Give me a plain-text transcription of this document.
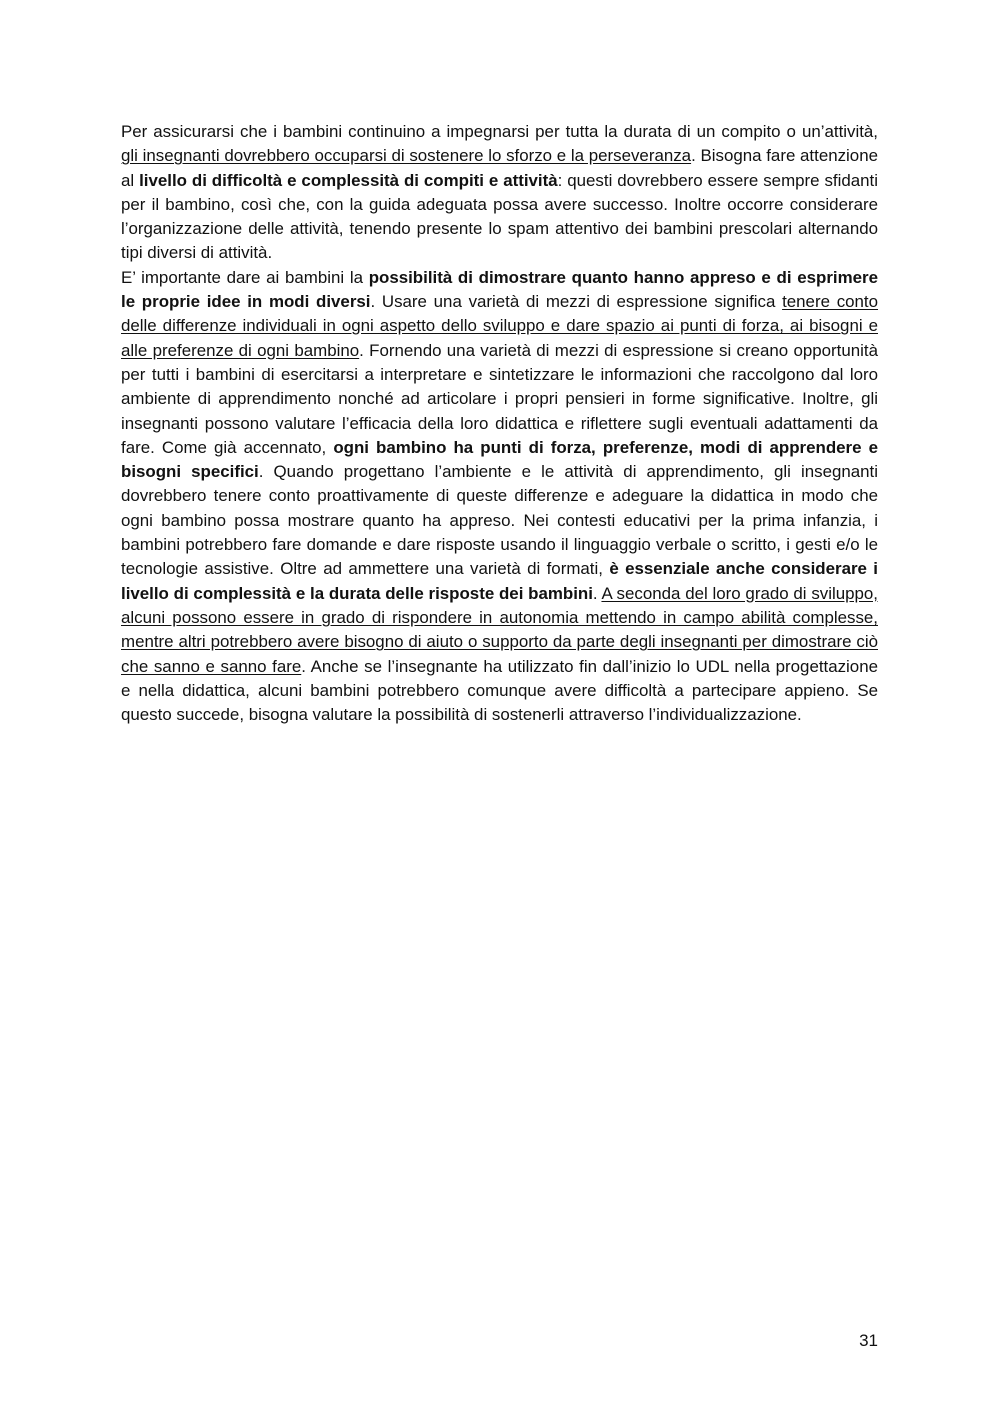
Per assicurarsi che i bambini continuino a impegnarsi per tutta la durata di un compito o un’attività, gli insegnanti dovrebbero occuparsi di sostenere lo sforzo e la perseveranza. Bisogna fare attenzione al livello di difficoltà e complessità di compiti e attività: questi dovrebbero essere sempre sfidanti per il bambino, così che, con la guida adeguata possa avere successo. Inoltre occorre considerare l’organizzazione delle attività, tenendo presente lo spam attentivo dei bambini prescolari alternando tipi diversi di attività.

E’ importante dare ai bambini la possibilità di dimostrare quanto hanno appreso e di esprimere le proprie idee in modi diversi. Usare una varietà di mezzi di espressione significa tenere conto delle differenze individuali in ogni aspetto dello sviluppo e dare spazio ai punti di forza, ai bisogni e alle preferenze di ogni bambino. Fornendo una varietà di mezzi di espressione si creano opportunità per tutti i bambini di esercitarsi a interpretare e sintetizzare le informazioni che raccolgono dal loro ambiente di apprendimento nonché ad articolare i propri pensieri in forme significative. Inoltre, gli insegnanti possono valutare l’efficacia della loro didattica e riflettere sugli eventuali adattamenti da fare. Come già accennato, ogni bambino ha punti di forza, preferenze, modi di apprendere e bisogni specifici. Quando progettano l’ambiente e le attività di apprendimento, gli insegnanti dovrebbero tenere conto proattivamente di queste differenze e adeguare la didattica in modo che ogni bambino possa mostrare quanto ha appreso. Nei contesti educativi per la prima infanzia, i bambini potrebbero fare domande e dare risposte usando il linguaggio verbale o scritto, i gesti e/o le tecnologie assistive. Oltre ad ammettere una varietà di formati, è essenziale anche considerare i livello di complessità e la durata delle risposte dei bambini. A seconda del loro grado di sviluppo, alcuni possono essere in grado di rispondere in autonomia mettendo in campo abilità complesse, mentre altri potrebbero avere bisogno di aiuto o supporto da parte degli insegnanti per dimostrare ciò che sanno e sanno fare. Anche se l’insegnante ha utilizzato fin dall’inizio lo UDL nella progettazione e nella didattica, alcuni bambini potrebbero comunque avere difficoltà a partecipare appieno. Se questo succede, bisogna valutare la possibilità di sostenerli attraverso l’individualizzazione.

31
